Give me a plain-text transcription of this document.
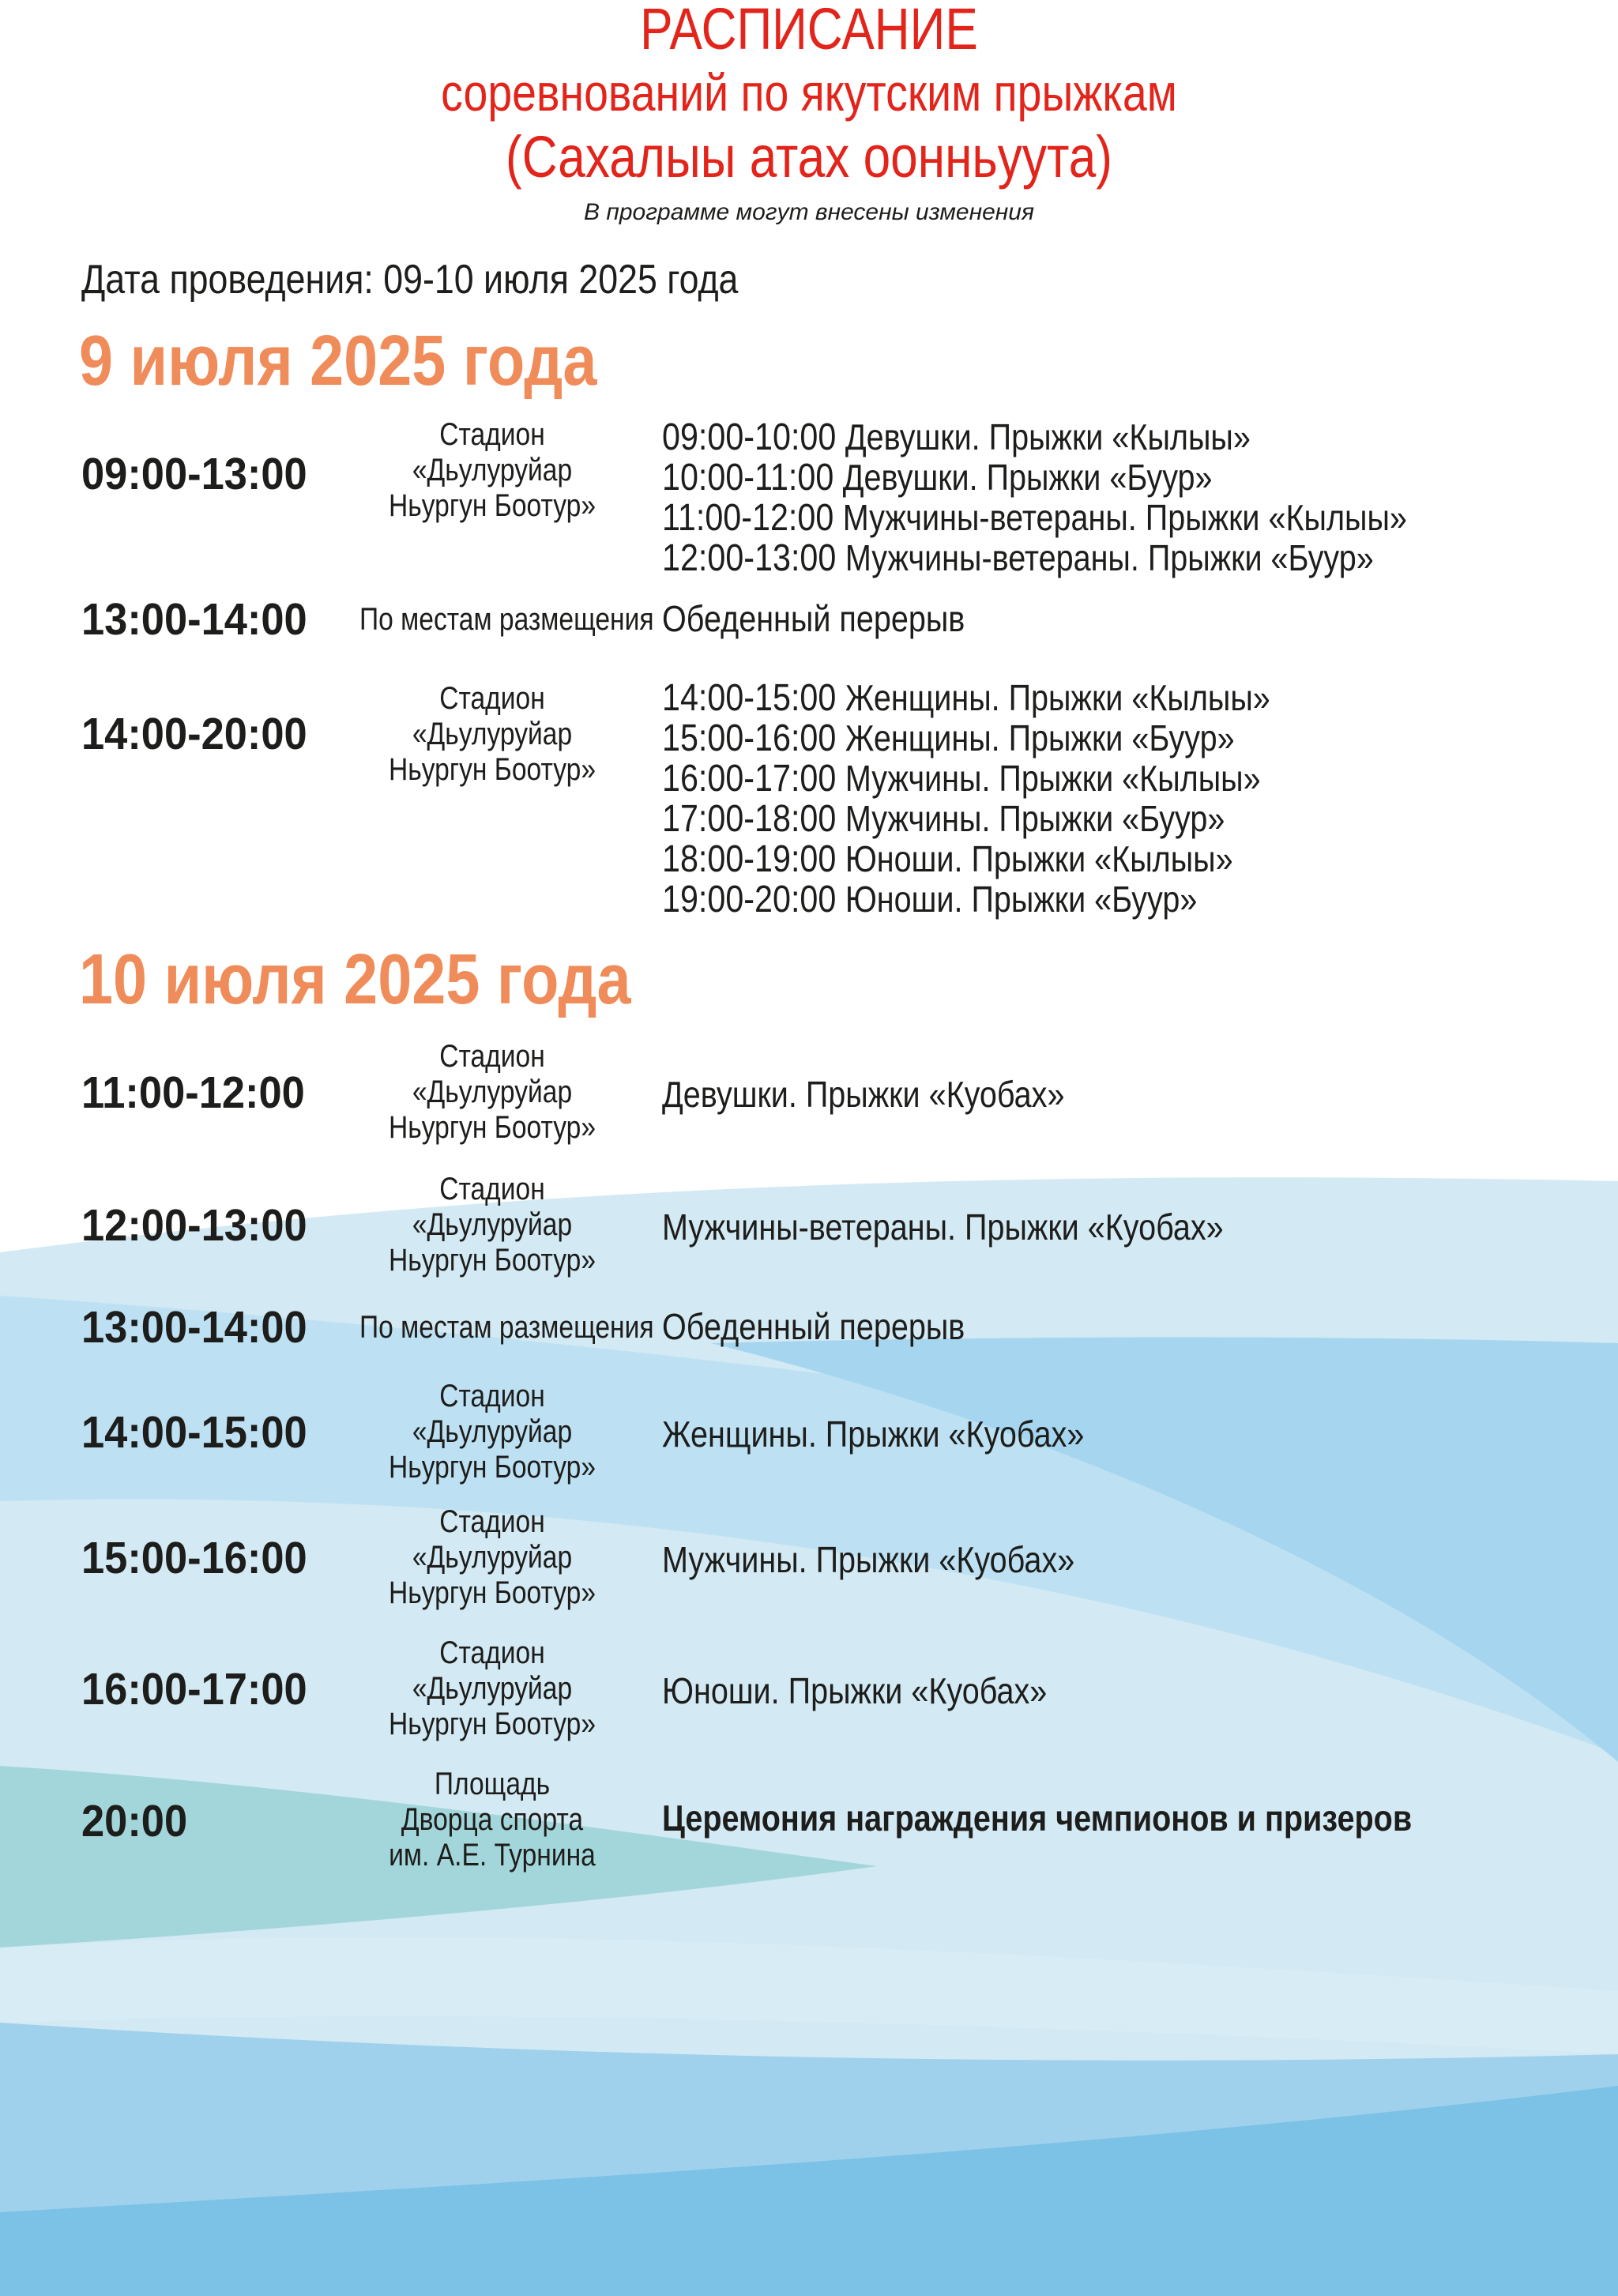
РАСПИСАНИЕ
соревнований по якутским прыжкам
(Сахалыы атах оонньуута)
В программе могут внесены изменения
Дата проведения: 09-10 июля 2025 года
9 июля 2025 года
10 июля 2025 года
09:00-13:00
Стадион
«Дьулуруйар
Ньургун Боотур»
09:00-10:00 Девушки. Прыжки «Кылыы»
10:00-11:00 Девушки. Прыжки «Буур»
11:00-12:00 Мужчины-ветераны. Прыжки «Кылыы»
12:00-13:00 Мужчины-ветераны. Прыжки «Буур»
13:00-14:00 По местам размещения Обеденный перерыв
14:00-20:00
Стадион
«Дьулуруйар
Ньургун Боотур»
14:00-15:00 Женщины. Прыжки «Кылыы»
15:00-16:00 Женщины. Прыжки «Буур»
16:00-17:00 Мужчины. Прыжки «Кылыы»
17:00-18:00 Мужчины. Прыжки «Буур»
18:00-19:00 Юноши. Прыжки «Кылыы»
19:00-20:00 Юноши. Прыжки «Буур»
11:00-12:00
Стадион
«Дьулуруйар
Ньургун Боотур»
Девушки. Прыжки «Куобах»
12:00-13:00
Стадион
«Дьулуруйар
Ньургун Боотур»
Мужчины-ветераны. Прыжки «Куобах»
13:00-14:00 По местам размещения Обеденный перерыв
14:00-15:00
Стадион
«Дьулуруйар
Ньургун Боотур»
Женщины. Прыжки «Куобах»
15:00-16:00
Стадион
«Дьулуруйар
Ньургун Боотур»
Мужчины. Прыжки «Куобах»
16:00-17:00
Стадион
«Дьулуруйар
Ньургун Боотур»
Юноши. Прыжки «Куобах»
20:00
Площадь
Дворца спорта
им. А.Е. Турнина
Церемония награждения чемпионов и призеров
